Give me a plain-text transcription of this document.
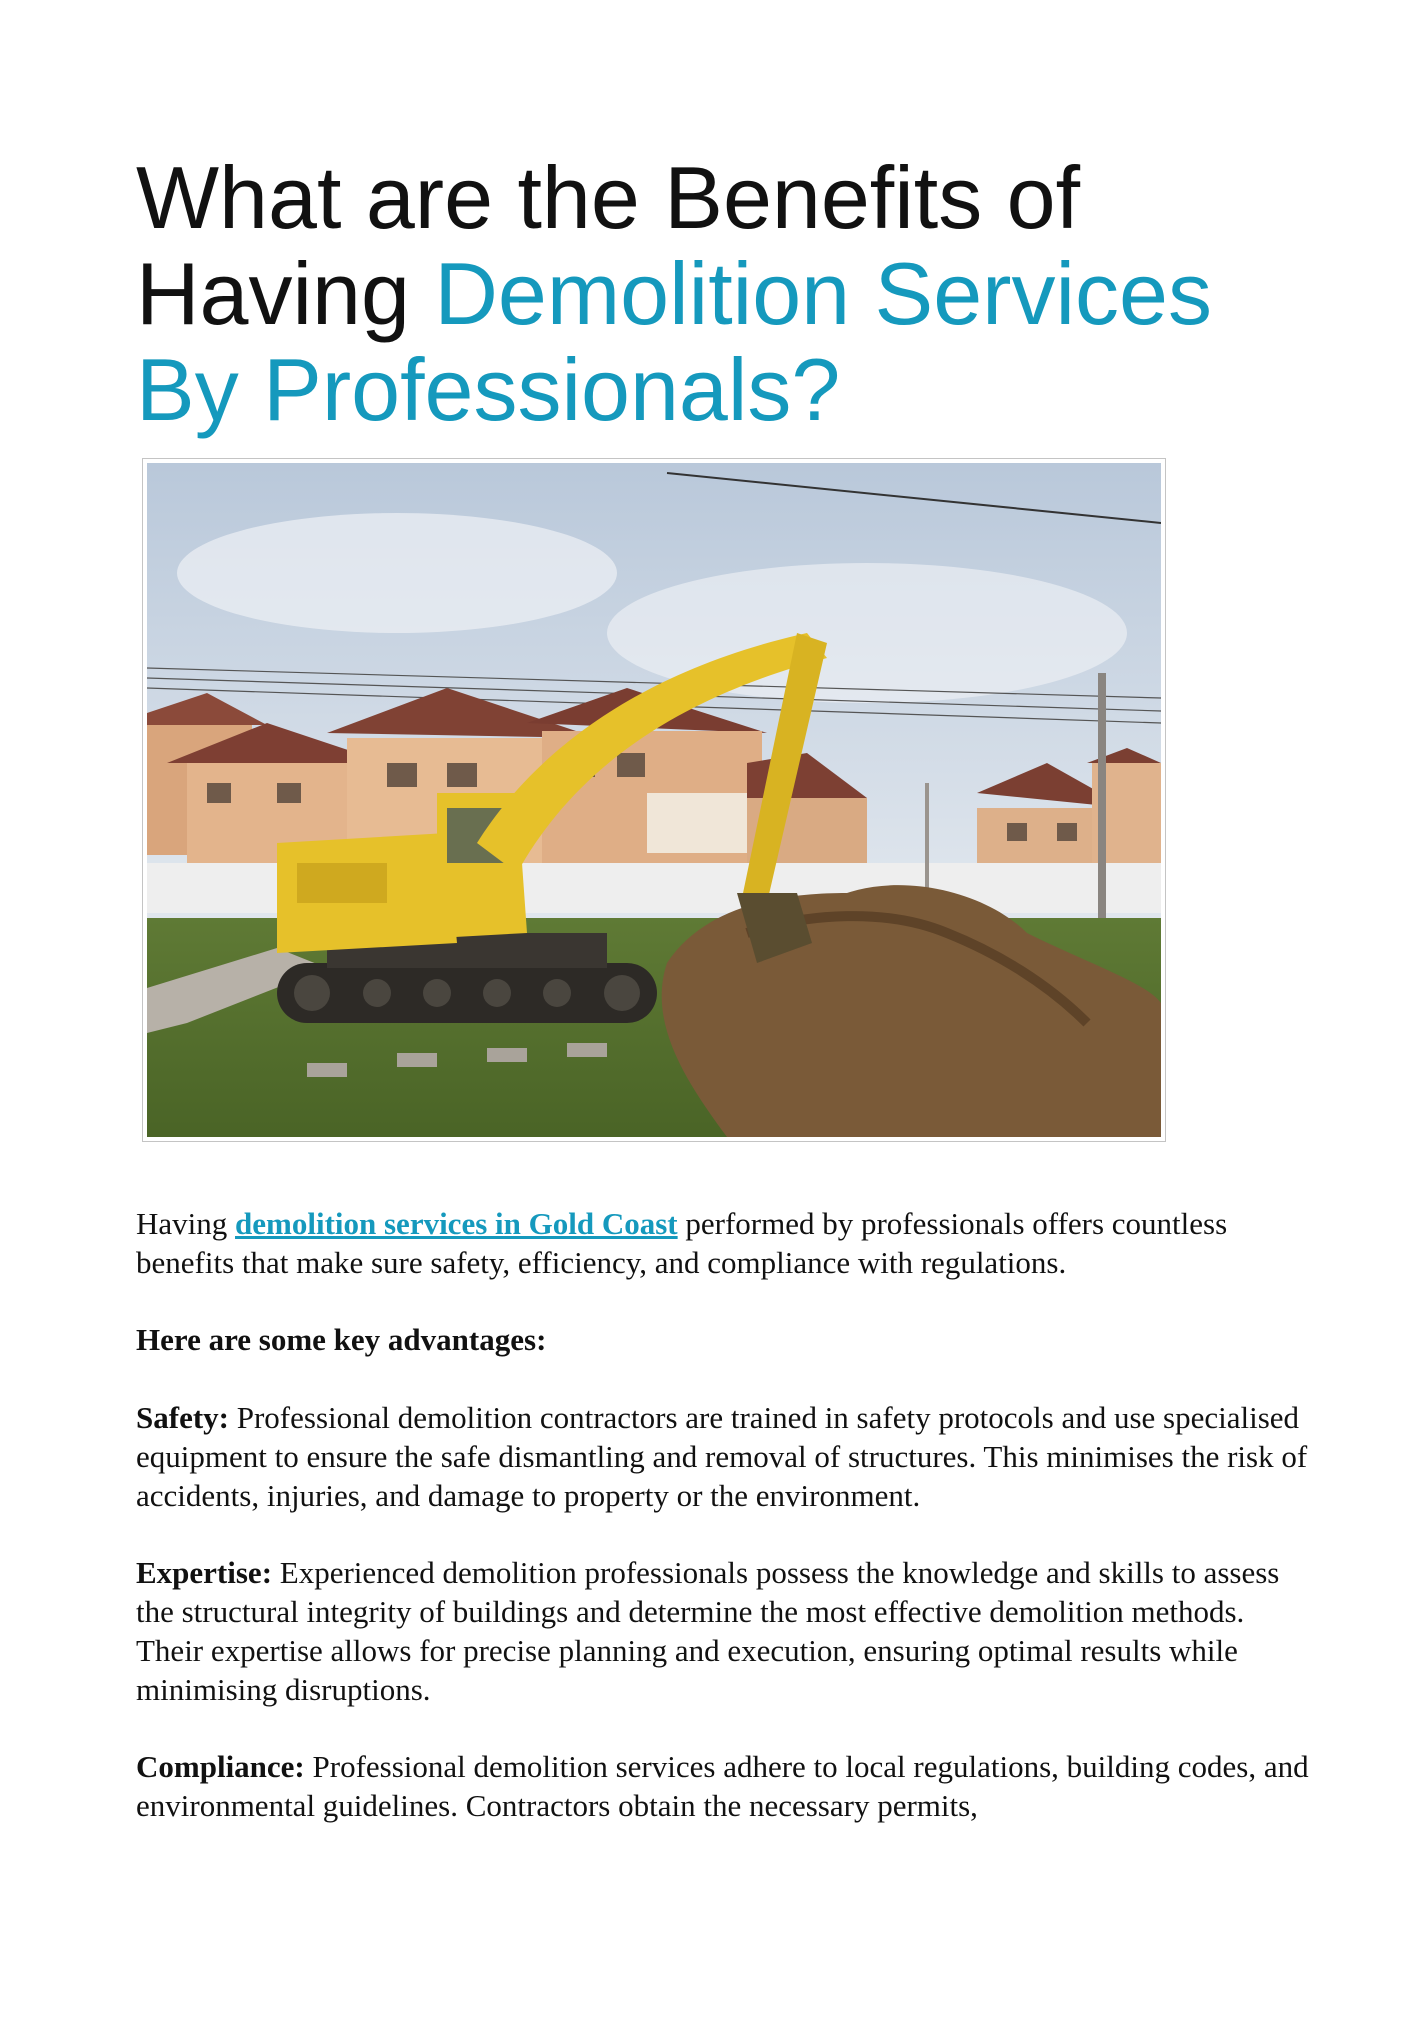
What are the Benefits of Having Demolition Services By Professionals?

Having demolition services in Gold Coast performed by professionals offers countless benefits that make sure safety, efficiency, and compliance with regulations.

Here are some key advantages:

Safety: Professional demolition contractors are trained in safety protocols and use specialised equipment to ensure the safe dismantling and removal of structures. This minimises the risk of accidents, injuries, and damage to property or the environment.

Expertise: Experienced demolition professionals possess the knowledge and skills to assess the structural integrity of buildings and determine the most effective demolition methods. Their expertise allows for precise planning and execution, ensuring optimal results while minimising disruptions.

Compliance: Professional demolition services adhere to local regulations, building codes, and environmental guidelines. Contractors obtain the necessary permits,
